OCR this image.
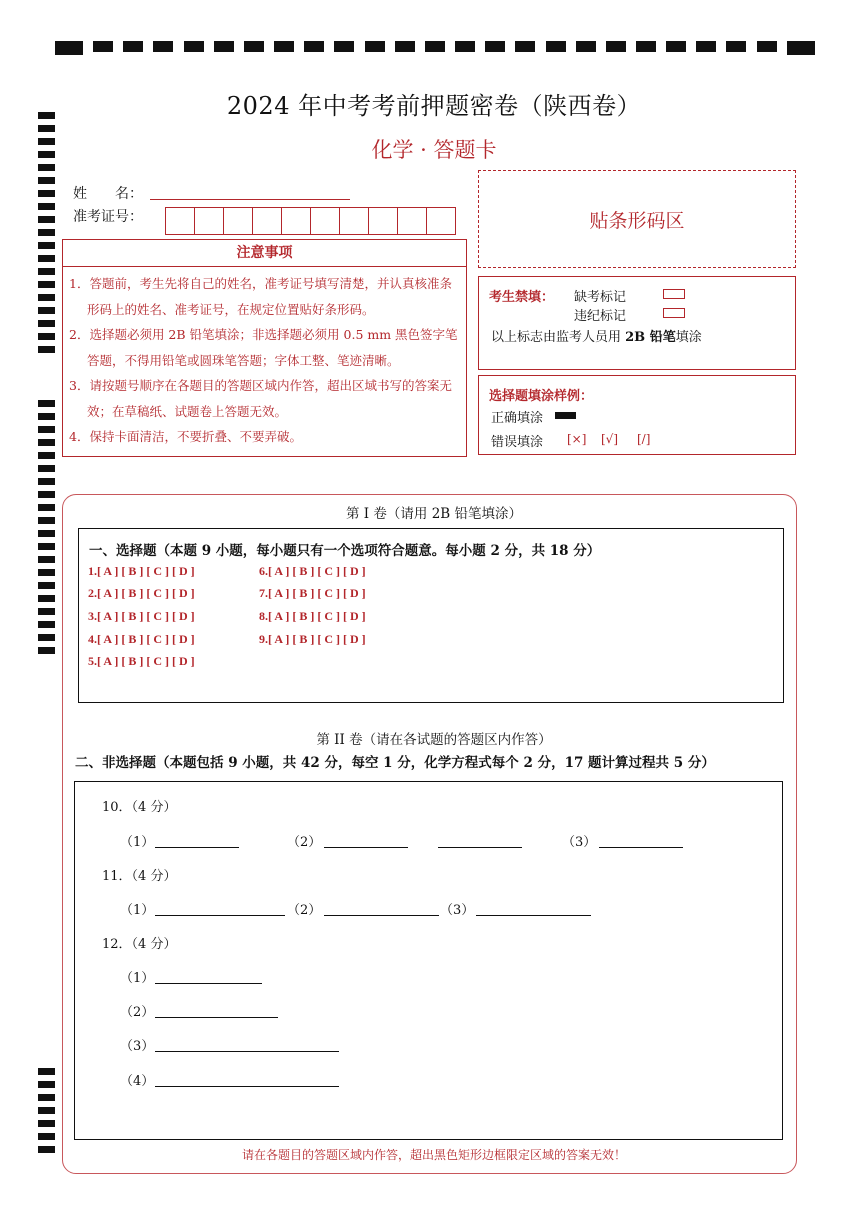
2024 年中考考前押题密卷（陕西卷）
化学 · 答题卡
姓　　名：
准考证号：	贴条形码区
注意事项

1．答题前，考生先将自己的姓名，准考证号填写清楚，并认真核准条形码上的姓名、准考证号，在规定位置贴好条形码。

2．选择题必须用 2B 铅笔填涂；非选择题必须用 0.5 mm 黑色签字笔答题，不得用铅笔或圆珠笔答题；字体工整、笔迹清晰。

3．请按题号顺序在各题目的答题区域内作答，超出区域书写的答案无效；在草稿纸、试题卷上答题无效。

4．保持卡面清洁，不要折叠、不要弄破。

考生禁填： 缺考标记
违纪标记
以上标志由监考人员用 2B 铅笔填涂
选择题填涂样例：
正确填涂
错误填涂 [×] [√] [/]
第 I 卷（请用 2B 铅笔填涂）
一、选择题（本题 9 小题，每小题只有一个选项符合题意。每小题 2 分，共 18 分）
1.[ A ] [ B ] [ C ] [ D ]
2.[ A ] [ B ] [ C ] [ D ]
3.[ A ] [ B ] [ C ] [ D ]
4.[ A ] [ B ] [ C ] [ D ]
5.[ A ] [ B ] [ C ] [ D ]
6.[ A ] [ B ] [ C ] [ D ]
7.[ A ] [ B ] [ C ] [ D ]
8.[ A ] [ B ] [ C ] [ D ]
9.[ A ] [ B ] [ C ] [ D ]
第 II 卷（请在各试题的答题区内作答）
二、非选择题（本题包括 9 小题，共 42 分，每空 1 分，化学方程式每个 2 分，17 题计算过程共 5 分）
10．（4 分）
（1）	（2）	（3）
11．（4 分）
（1）	（2）	（3）
12．（4 分）
（1）
（2）
（3）
（4）
请在各题目的答题区域内作答，超出黑色矩形边框限定区域的答案无效！
